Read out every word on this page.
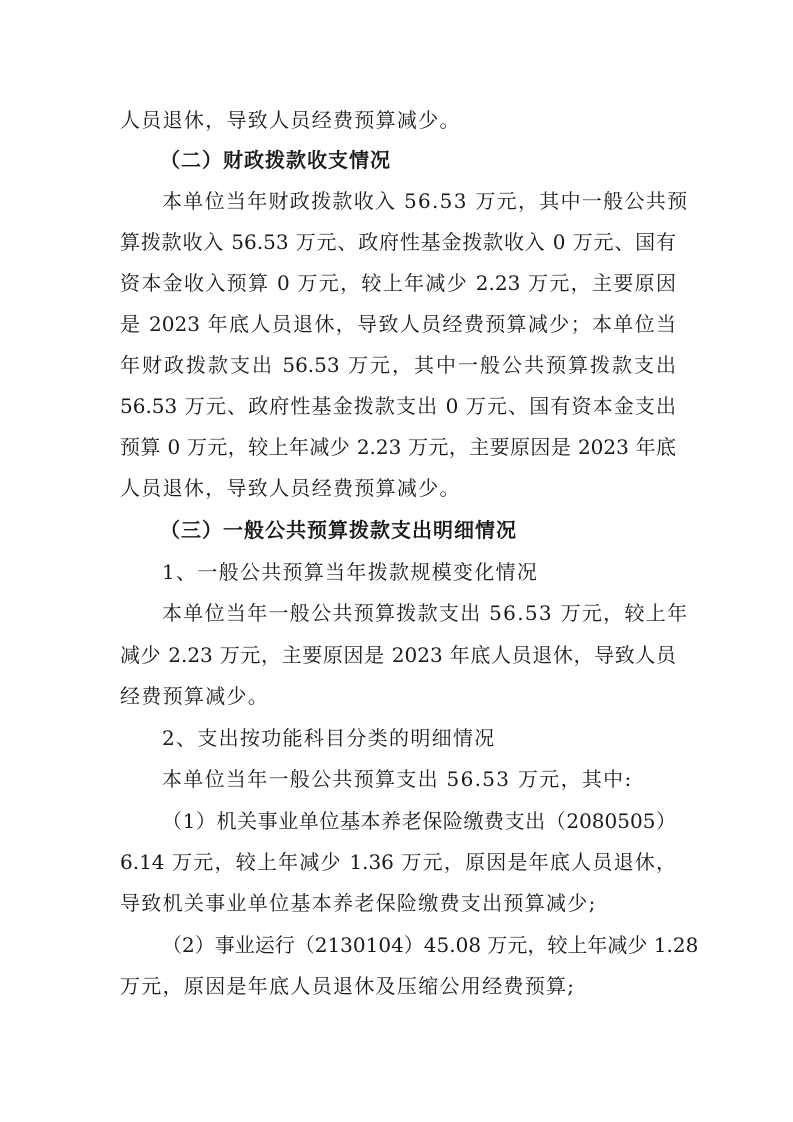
人员退休，导致人员经费预算减少。
（二）财政拨款收支情况
本单位当年财政拨款收入 56.53 万元，其中一般公共预
算拨款收入 56.53 万元、政府性基金拨款收入 0 万元、国有
资本金收入预算 0 万元，较上年减少 2.23 万元，主要原因
是 2023 年底人员退休，导致人员经费预算减少；本单位当
年财政拨款支出 56.53 万元，其中一般公共预算拨款支出
56.53 万元、政府性基金拨款支出 0 万元、国有资本金支出
预算 0 万元，较上年减少 2.23 万元，主要原因是 2023 年底
人员退休，导致人员经费预算减少。
（三）一般公共预算拨款支出明细情况
1、一般公共预算当年拨款规模变化情况
本单位当年一般公共预算拨款支出 56.53 万元，较上年
减少 2.23 万元，主要原因是 2023 年底人员退休，导致人员
经费预算减少。
2、支出按功能科目分类的明细情况
本单位当年一般公共预算支出 56.53 万元，其中:
（1）机关事业单位基本养老保险缴费支出（2080505）
6.14 万元，较上年减少 1.36 万元，原因是年底人员退休，
导致机关事业单位基本养老保险缴费支出预算减少;
（2）事业运行（2130104）45.08 万元，较上年减少 1.28
万元，原因是年底人员退休及压缩公用经费预算;
